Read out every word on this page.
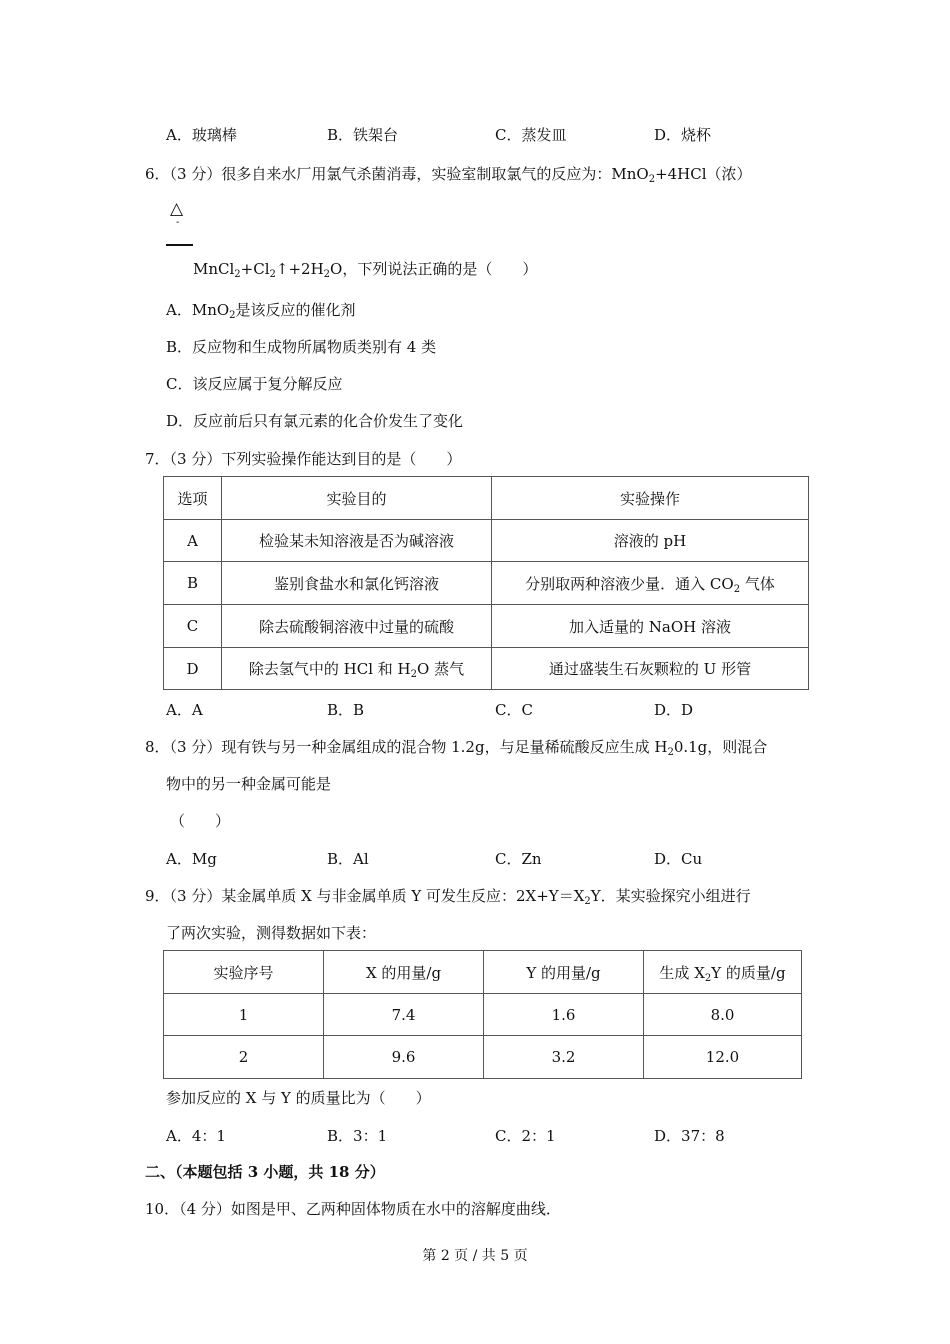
A．玻璃棒	B．铁架台	C．蒸发皿	D．烧杯
6．（3 分）很多自来水厂用氯气杀菌消毒，实验室制取氯气的反应为：MnO$_2$+4HCl（浓）
△
-
$MnCl_2+Cl_2↑+2H_2O$，下列说法正确的是（　　）
A．MnO$_2$是该反应的催化剂
B．反应物和生成物所属物质类别有 4 类
C．该反应属于复分解反应
D．反应前后只有氯元素的化合价发生了变化
7．（3 分）下列实验操作能达到目的是（　　）
选项	实验目的	实验操作
A	检验某未知溶液是否为碱溶液	溶液的 pH
B	鉴别食盐水和氯化钙溶液	分别取两种溶液少量．通入 $CO_2$ 气体
C	除去硫酸铜溶液中过量的硫酸	加入适量的 NaOH 溶液
D	除去氢气中的 HCl 和 $H_2O$ 蒸气	通过盛装生石灰颗粒的 U 形管
A．A	B．B	C．C	D．D
8．（3 分）现有铁与另一种金属组成的混合物 1.2g，与足量稀硫酸反应生成 $H_20.1g$，则混合
物中的另一种金属可能是
（　　）
A．Mg	B．Al	C．Zn	D．Cu
9．（3 分）某金属单质 X 与非金属单质 Y 可发生反应：$2X+Y=X_2Y$．某实验探究小组进行
了两次实验，测得数据如下表：
实验序号	X 的用量/g	Y 的用量/g	生成 $X_2Y$ 的质量/g
1	7.4	1.6	8.0
2	9.6	3.2	12.0
参加反应的 X 与 Y 的质量比为（　　）
A．4：1	B．3：1	C．2：1	D．37：8
二、（本题包括 3 小题，共 18 分）
10．（4 分）如图是甲、乙两种固体物质在水中的溶解度曲线．
第 2 页 / 共 5 页
